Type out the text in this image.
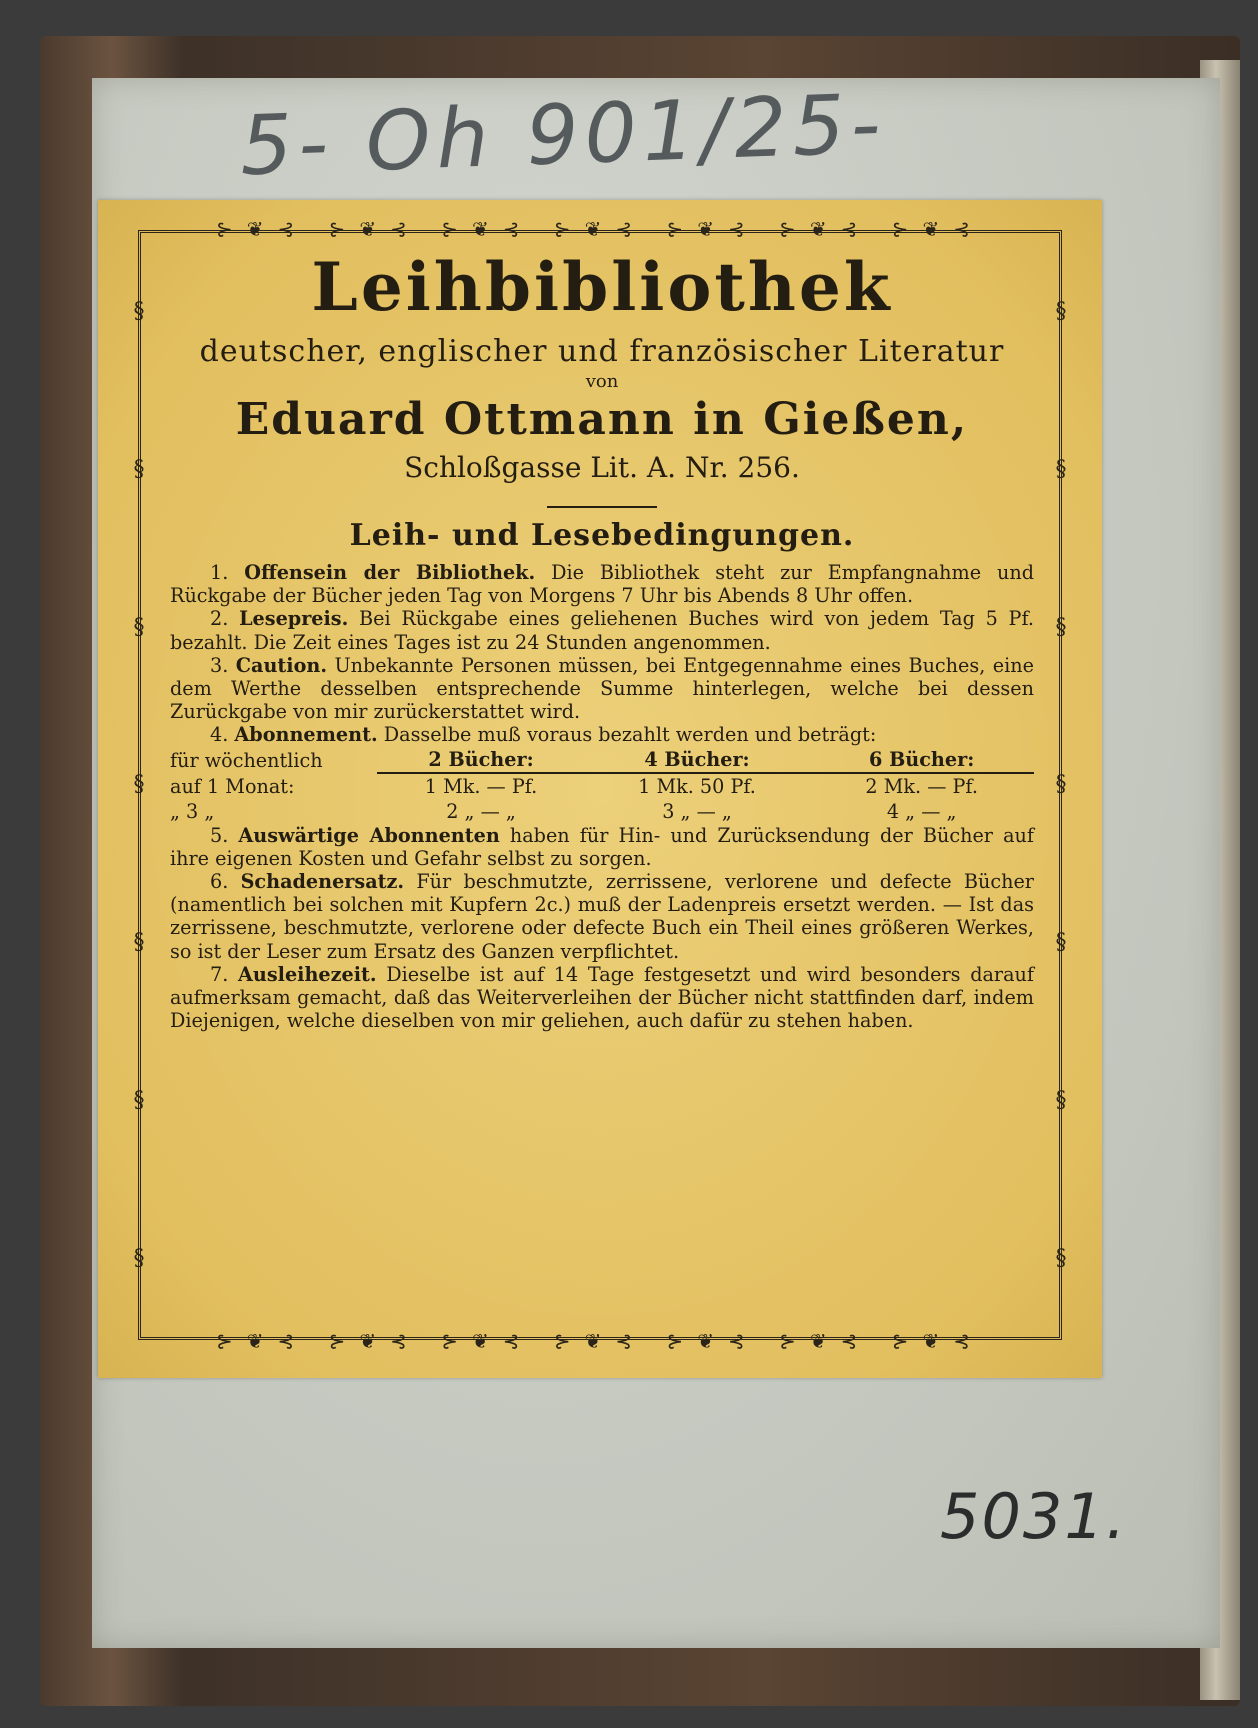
5- Oh 901/25-
⊱❦⊰ ⊱❦⊰ ⊱❦⊰ ⊱❦⊰ ⊱❦⊰ ⊱❦⊰ ⊱❦⊰
⊱❦⊰ ⊱❦⊰ ⊱❦⊰ ⊱❦⊰ ⊱❦⊰ ⊱❦⊰ ⊱❦⊰
§
§
§
§
§
§
§
§
§
§
§
§
§
§

Leihbibliothek

deutscher, englischer und französischer Literatur

von

Eduard Ottmann in Gießen,

Schloßgasse Lit. A. Nr. 256.

Leih- und Lesebedingungen.

1. Offensein der Bibliothek. Die Bibliothek steht zur Empfangnahme und Rückgabe der Bücher jeden Tag von Morgens 7 Uhr bis Abends 8 Uhr offen.

2. Lesepreis. Bei Rückgabe eines geliehenen Buches wird von jedem Tag 5 Pf. bezahlt. Die Zeit eines Tages ist zu 24 Stunden angenommen.

3. Caution. Unbekannte Personen müssen, bei Entgegennahme eines Buches, eine dem Werthe desselben entsprechende Summe hinterlegen, welche bei dessen Zurückgabe von mir zurückerstattet wird.

4. Abonnement. Dasselbe muß voraus bezahlt werden und beträgt:

für wöchentlich	2 Bücher:	4 Bücher:	6 Bücher:
auf 1 Monat:	1 Mk. — Pf.	1 Mk. 50 Pf.	2 Mk. — Pf.
„ 3 „	2 „ — „	3 „ — „	4 „ — „

5. Auswärtige Abonnenten haben für Hin- und Zurücksendung der Bücher auf ihre eigenen Kosten und Gefahr selbst zu sorgen.

6. Schadenersatz. Für beschmutzte, zerrissene, verlorene und defecte Bücher (namentlich bei solchen mit Kupfern 2c.) muß der Ladenpreis ersetzt werden. — Ist das zerrissene, beschmutzte, verlorene oder defecte Buch ein Theil eines größeren Werkes, so ist der Leser zum Ersatz des Ganzen verpflichtet.

7. Ausleihezeit. Dieselbe ist auf 14 Tage festgesetzt und wird besonders darauf aufmerksam gemacht, daß das Weiterverleihen der Bücher nicht stattfinden darf, indem Diejenigen, welche dieselben von mir geliehen, auch dafür zu stehen haben.

5031.
